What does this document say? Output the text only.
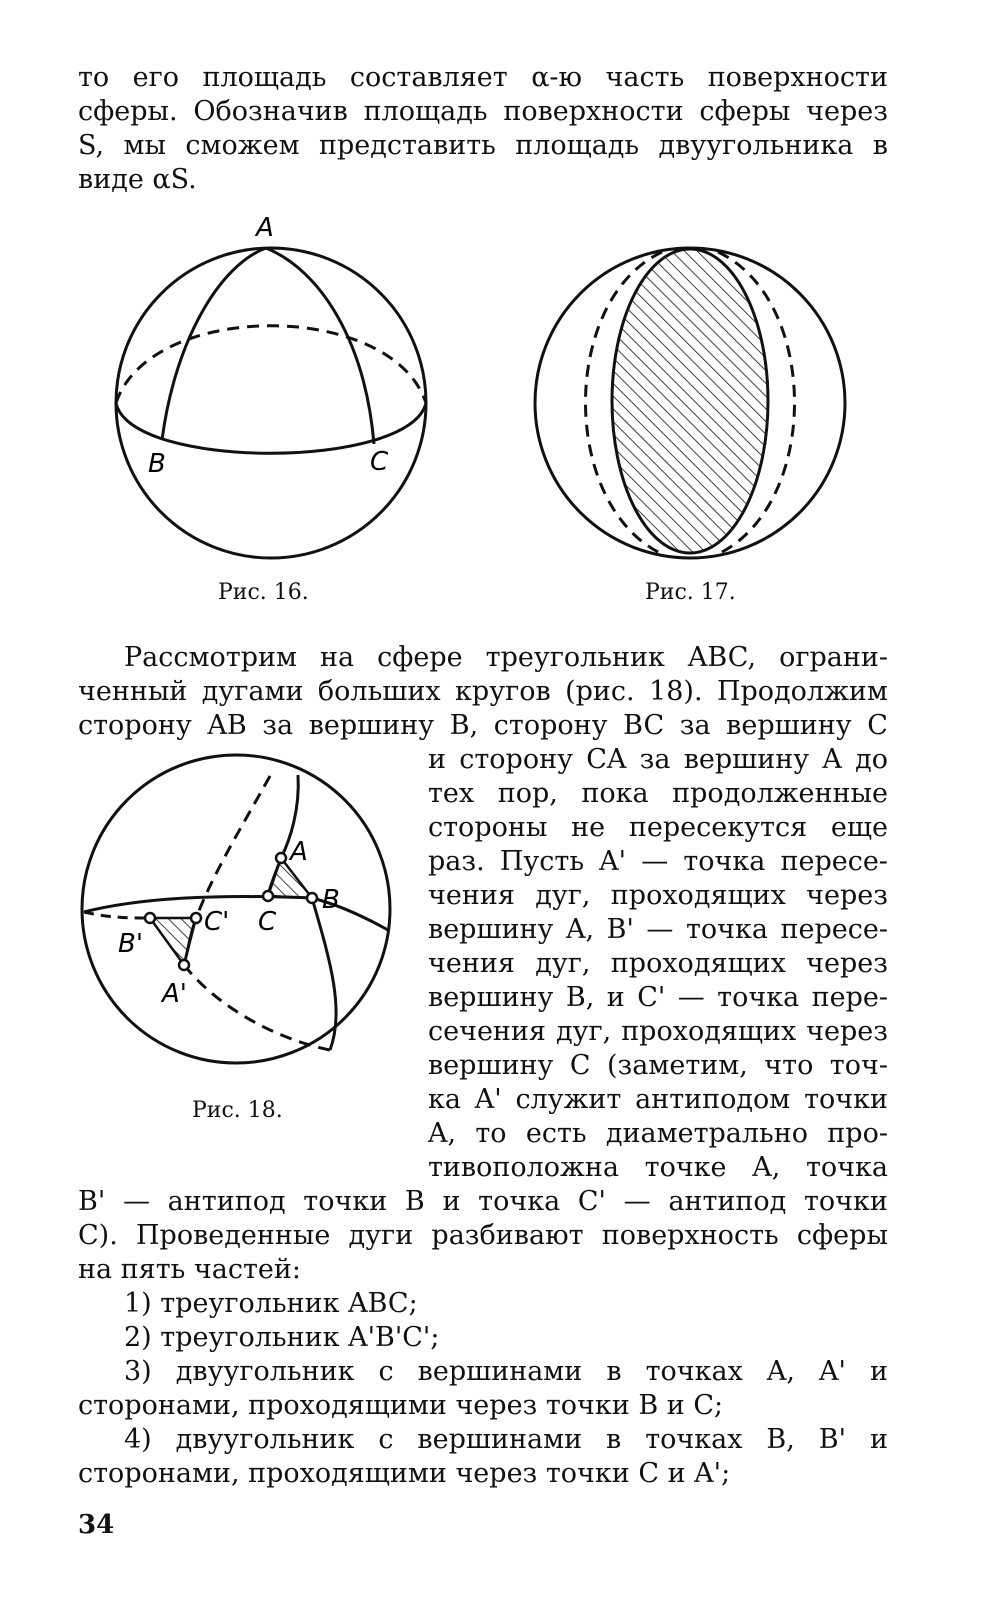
то его площадь составляет α-ю часть поверхности
сферы. Обозначив площадь поверхности сферы через
S, мы сможем представить площадь двуугольника в
виде αS.
A
B	C
A
B
C
C'
B'
A'
Рис. 16.	Рис. 17.
Рис. 18.
Рассмотрим на сфере треугольник ABC, ограни-
ченный дугами больших кругов (рис. 18). Продолжим
сторону AB за вершину B, сторону BC за вершину C
и сторону CA за вершину A до
тех пор, пока продолженные
стороны не пересекутся еще
раз. Пусть A' — точка пересе-
чения дуг, проходящих через
вершину A, B' — точка пересе-
чения дуг, проходящих через
вершину B, и C' — точка пере-
сечения дуг, проходящих через
вершину С (заметим, что точ-
ка A' служит антиподом точки
A, то есть диаметрально про-
тивоположна точке A, точка
B' — антипод точки B и точка C' — антипод точки
C). Проведенные дуги разбивают поверхность сферы
на пять частей:
1) треугольник ABC;
2) треугольник A'B'C';
3) двуугольник с вершинами в точках A, A' и
сторонами, проходящими через точки B и C;
4) двуугольник с вершинами в точках B, B' и
сторонами, проходящими через точки C и A';
34
